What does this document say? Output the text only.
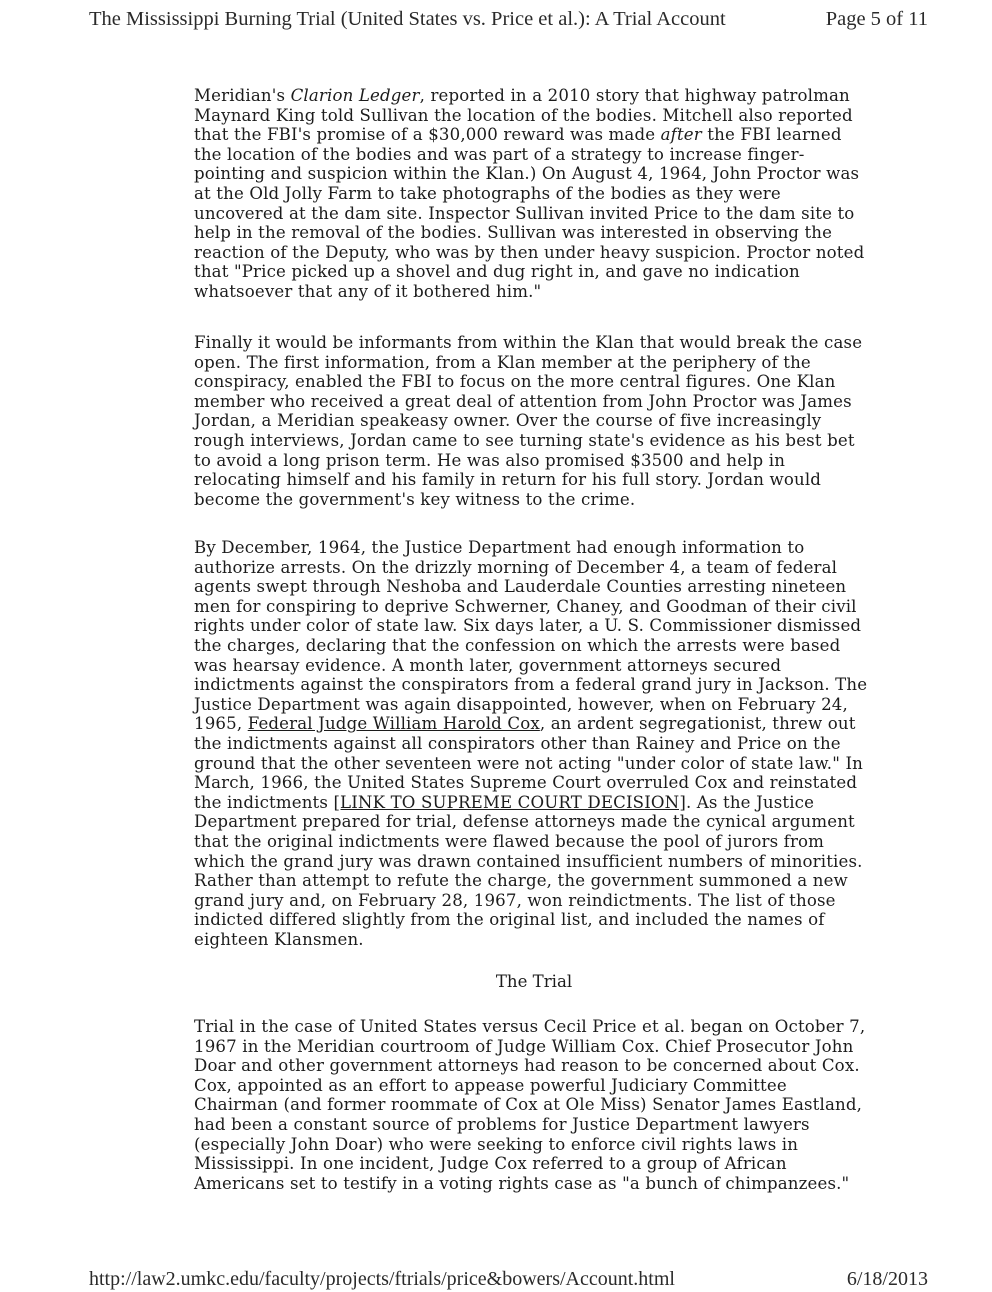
The Mississippi Burning Trial (United States vs. Price et al.): A Trial Account	Page 5 of 11
Meridian's Clarion Ledger, reported in a 2010 story that highway patrolman Maynard King told Sullivan the location of the bodies. Mitchell also reported that the FBI's promise of a $30,000 reward was made after the FBI learned the location of the bodies and was part of a strategy to increase finger-pointing and suspicion within the Klan.) On August 4, 1964, John Proctor was at the Old Jolly Farm to take photographs of the bodies as they were uncovered at the dam site. Inspector Sullivan invited Price to the dam site to help in the removal of the bodies. Sullivan was interested in observing the reaction of the Deputy, who was by then under heavy suspicion. Proctor noted that "Price picked up a shovel and dug right in, and gave no indication whatsoever that any of it bothered him."
Finally it would be informants from within the Klan that would break the case open. The first information, from a Klan member at the periphery of the conspiracy, enabled the FBI to focus on the more central figures. One Klan member who received a great deal of attention from John Proctor was James Jordan, a Meridian speakeasy owner. Over the course of five increasingly rough interviews, Jordan came to see turning state's evidence as his best bet to avoid a long prison term. He was also promised $3500 and help in relocating himself and his family in return for his full story. Jordan would become the government's key witness to the crime.
By December, 1964, the Justice Department had enough information to authorize arrests. On the drizzly morning of December 4, a team of federal agents swept through Neshoba and Lauderdale Counties arresting nineteen men for conspiring to deprive Schwerner, Chaney, and Goodman of their civil rights under color of state law. Six days later, a U. S. Commissioner dismissed the charges, declaring that the confession on which the arrests were based was hearsay evidence. A month later, government attorneys secured indictments against the conspirators from a federal grand jury in Jackson. The Justice Department was again disappointed, however, when on February 24, 1965, Federal Judge William Harold Cox, an ardent segregationist, threw out the indictments against all conspirators other than Rainey and Price on the ground that the other seventeen were not acting "under color of state law." In March, 1966, the United States Supreme Court overruled Cox and reinstated the indictments [LINK TO SUPREME COURT DECISION]. As the Justice Department prepared for trial, defense attorneys made the cynical argument that the original indictments were flawed because the pool of jurors from which the grand jury was drawn contained insufficient numbers of minorities. Rather than attempt to refute the charge, the government summoned a new grand jury and, on February 28, 1967, won reindictments. The list of those indicted differed slightly from the original list, and included the names of eighteen Klansmen.
The Trial
Trial in the case of United States versus Cecil Price et al. began on October 7, 1967 in the Meridian courtroom of Judge William Cox. Chief Prosecutor John Doar and other government attorneys had reason to be concerned about Cox. Cox, appointed as an effort to appease powerful Judiciary Committee Chairman (and former roommate of Cox at Ole Miss) Senator James Eastland, had been a constant source of problems for Justice Department lawyers (especially John Doar) who were seeking to enforce civil rights laws in Mississippi. In one incident, Judge Cox referred to a group of African Americans set to testify in a voting rights case as "a bunch of chimpanzees."
http://law2.umkc.edu/faculty/projects/ftrials/price&bowers/Account.html	6/18/2013
